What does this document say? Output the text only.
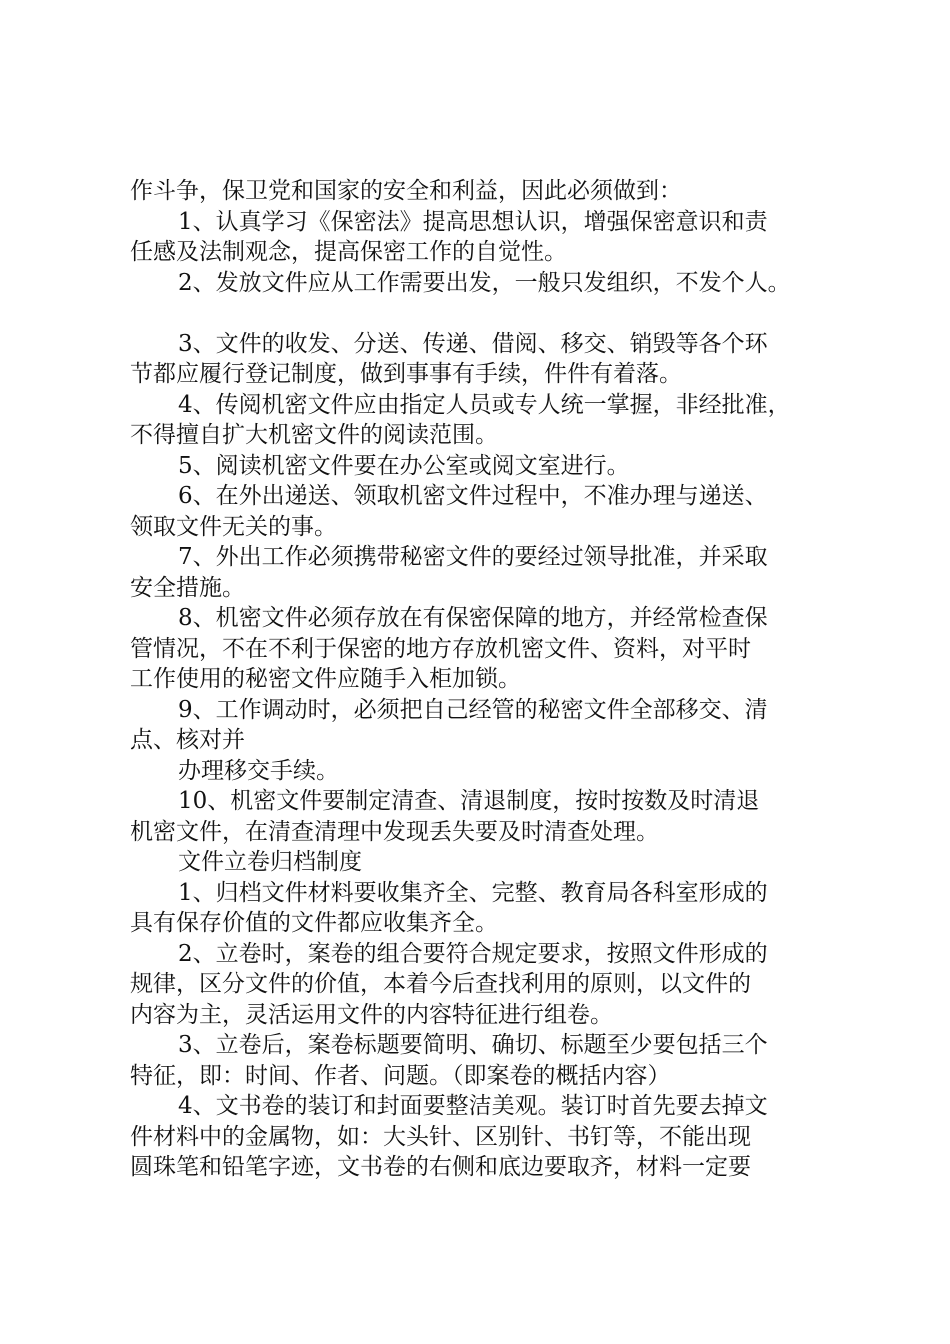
作斗争，保卫党和国家的安全和利益，因此必须做到：
1、认真学习《保密法》提高思想认识，增强保密意识和责
任感及法制观念，提高保密工作的自觉性。
2、发放文件应从工作需要出发，一般只发组织，不发个人。
3、文件的收发、分送、传递、借阅、移交、销毁等各个环
节都应履行登记制度，做到事事有手续，件件有着落。
4、传阅机密文件应由指定人员或专人统一掌握，非经批准，
不得擅自扩大机密文件的阅读范围。
5、阅读机密文件要在办公室或阅文室进行。
6、在外出递送、领取机密文件过程中，不准办理与递送、
领取文件无关的事。
7、外出工作必须携带秘密文件的要经过领导批准，并采取
安全措施。
8、机密文件必须存放在有保密保障的地方，并经常检查保
管情况，不在不利于保密的地方存放机密文件、资料，对平时
工作使用的秘密文件应随手入柜加锁。
9、工作调动时，必须把自己经管的秘密文件全部移交、清
点、核对并
办理移交手续。
10、机密文件要制定清查、清退制度，按时按数及时清退
机密文件，在清查清理中发现丢失要及时清查处理。
文件立卷归档制度
1、归档文件材料要收集齐全、完整、教育局各科室形成的
具有保存价值的文件都应收集齐全。
2、立卷时，案卷的组合要符合规定要求，按照文件形成的
规律，区分文件的价值，本着今后查找利用的原则，以文件的
内容为主，灵活运用文件的内容特征进行组卷。
3、立卷后，案卷标题要简明、确切、标题至少要包括三个
特征，即：时间、作者、问题。（即案卷的概括内容）
4、文书卷的装订和封面要整洁美观。装订时首先要去掉文
件材料中的金属物，如：大头针、区别针、书钉等，不能出现
圆珠笔和铅笔字迹，文书卷的右侧和底边要取齐，材料一定要
